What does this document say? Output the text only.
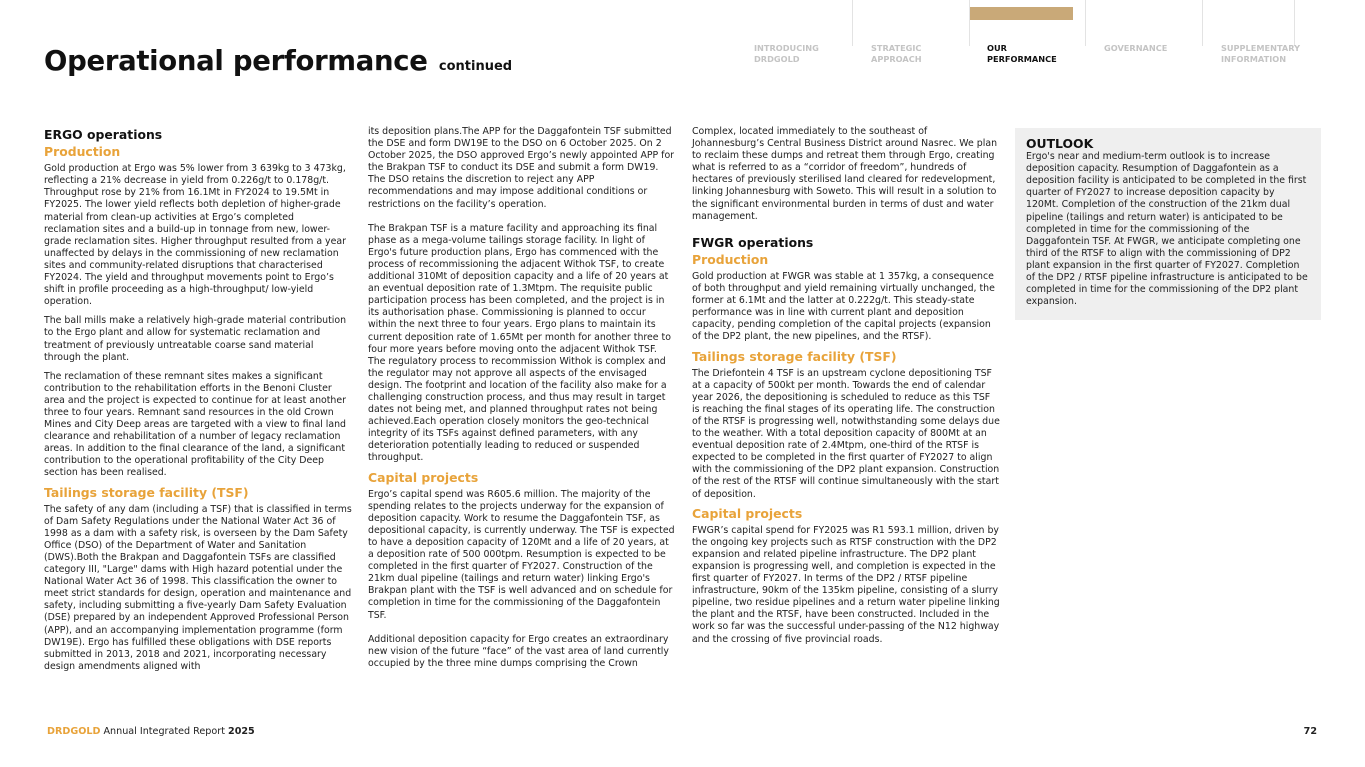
INTRODUCING
DRDGOLD

STRATEGIC
APPROACH

OUR
PERFORMANCE

GOVERNANCE	SUPPLEMENTARY
INFORMATION

Operational performance continued
ERGO operations
Production

Gold production at Ergo was 5% lower from 3 639kg to 3 473kg, reflecting a 21% decrease in yield from 0.226g/t to 0.178g/t. Throughput rose by 21% from 16.1Mt in FY2024 to 19.5Mt in FY2025. The lower yield reflects both depletion of higher-grade material from clean-up activities at Ergo’s completed reclamation sites and a build-up in tonnage from new, lower-grade reclamation sites. Higher throughput resulted from a year unaffected by delays in the commissioning of new reclamation sites and community-related disruptions that characterised FY2024. The yield and throughput movements point to Ergo’s shift in profile proceeding as a high-throughput/ low-yield operation.

The ball mills make a relatively high-grade material contribution to the Ergo plant and allow for systematic reclamation and treatment of previously untreatable coarse sand material through the plant.

The reclamation of these remnant sites makes a significant contribution to the rehabilitation efforts in the Benoni Cluster area and the project is expected to continue for at least another three to four years. Remnant sand resources in the old Crown Mines and City Deep areas are targeted with a view to final land clearance and rehabilitation of a number of legacy reclamation areas. In addition to the final clearance of the land, a significant contribution to the operational profitability of the City Deep section has been realised.

Tailings storage facility (TSF)

The safety of any dam (including a TSF) that is classified in terms of Dam Safety Regulations under the National Water Act 36 of 1998 as a dam with a safety risk, is overseen by the Dam Safety Office (DSO) of the Department of Water and Sanitation (DWS).Both the Brakpan and Daggafontein TSFs are classified category III, "Large" dams with High hazard potential under the National Water Act 36 of 1998. This classification the owner to meet strict standards for design, operation and maintenance and safety, including submitting a five-yearly Dam Safety Evaluation (DSE) prepared by an independent Approved Professional Person (APP), and an accompanying implementation programme (form DW19E). Ergo has fulfilled these obligations with DSE reports submitted in 2013, 2018 and 2021, incorporating necessary design amendments aligned with

its deposition plans.The APP for the Daggafontein TSF submitted the DSE and form DW19E to the DSO on 6 October 2025. On 2 October 2025, the DSO approved Ergo’s newly appointed APP for the Brakpan TSF to conduct its DSE and submit a form DW19. The DSO retains the discretion to reject any APP recommendations and may impose additional conditions or restrictions on the facility’s operation.

The Brakpan TSF is a mature facility and approaching its final phase as a mega-volume tailings storage facility. In light of Ergo's future production plans, Ergo has commenced with the process of recommissioning the adjacent Withok TSF, to create additional 310Mt of deposition capacity and a life of 20 years at an eventual deposition rate of 1.3Mtpm. The requisite public participation process has been completed, and the project is in its authorisation phase. Commissioning is planned to occur within the next three to four years. Ergo plans to maintain its current deposition rate of 1.65Mt per month for another three to four more years before moving onto the adjacent Withok TSF. The regulatory process to recommission Withok is complex and the regulator may not approve all aspects of the envisaged design. The footprint and location of the facility also make for a challenging construction process, and thus may result in target dates not being met, and planned throughput rates not being achieved.Each operation closely monitors the geo-technical integrity of its TSFs against defined parameters, with any deterioration potentially leading to reduced or suspended throughput.

Capital projects

Ergo’s capital spend was R605.6 million. The majority of the spending relates to the projects underway for the expansion of deposition capacity. Work to resume the Daggafontein TSF, as depositional capacity, is currently underway. The TSF is expected to have a deposition capacity of 120Mt and a life of 20 years, at a deposition rate of 500 000tpm. Resumption is expected to be completed in the first quarter of FY2027. Construction of the 21km dual pipeline (tailings and return water) linking Ergo's Brakpan plant with the TSF is well advanced and on schedule for completion in time for the commissioning of the Daggafontein TSF.

Additional deposition capacity for Ergo creates an extraordinary new vision of the future “face” of the vast area of land currently occupied by the three mine dumps comprising the Crown

Complex, located immediately to the southeast of Johannesburg’s Central Business District around Nasrec. We plan to reclaim these dumps and retreat them through Ergo, creating what is referred to as a “corridor of freedom”, hundreds of hectares of previously sterilised land cleared for redevelopment, linking Johannesburg with Soweto. This will result in a solution to the significant environmental burden in terms of dust and water management.

FWGR operations
Production

Gold production at FWGR was stable at 1 357kg, a consequence of both throughput and yield remaining virtually unchanged, the former at 6.1Mt and the latter at 0.222g/t. This steady-state performance was in line with current plant and deposition capacity, pending completion of the capital projects (expansion of the DP2 plant, the new pipelines, and the RTSF).

Tailings storage facility (TSF)

The Driefontein 4 TSF is an upstream cyclone depositioning TSF at a capacity of 500kt per month. Towards the end of calendar year 2026, the depositioning is scheduled to reduce as this TSF is reaching the final stages of its operating life. The construction of the RTSF is progressing well, notwithstanding some delays due to the weather. With a total deposition capacity of 800Mt at an eventual deposition rate of 2.4Mtpm, one-third of the RTSF is expected to be completed in the first quarter of FY2027 to align with the commissioning of the DP2 plant expansion. Construction of the rest of the RTSF will continue simultaneously with the start of deposition.

Capital projects

FWGR’s capital spend for FY2025 was R1 593.1 million, driven by the ongoing key projects such as RTSF construction with the DP2 expansion and related pipeline infrastructure. The DP2 plant expansion is progressing well, and completion is expected in the first quarter of FY2027. In terms of the DP2 / RTSF pipeline infrastructure, 90km of the 135km pipeline, consisting of a slurry pipeline, two residue pipelines and a return water pipeline linking the plant and the RTSF, have been constructed. Included in the work so far was the successful under-passing of the N12 highway and the crossing of five provincial roads.

OUTLOOK

Ergo's near and medium-term outlook is to increase deposition capacity. Resumption of Daggafontein as a deposition facility is anticipated to be completed in the first quarter of FY2027 to increase deposition capacity by 120Mt. Completion of the construction of the 21km dual pipeline (tailings and return water) is anticipated to be completed in time for the commissioning of the Daggafontein TSF. At FWGR, we anticipate completing one third of the RTSF to align with the commissioning of DP2 plant expansion in the first quarter of FY2027. Completion of the DP2 / RTSF pipeline infrastructure is anticipated to be completed in time for the commissioning of the DP2 plant expansion.

DRDGOLD Annual Integrated Report 2025	72
